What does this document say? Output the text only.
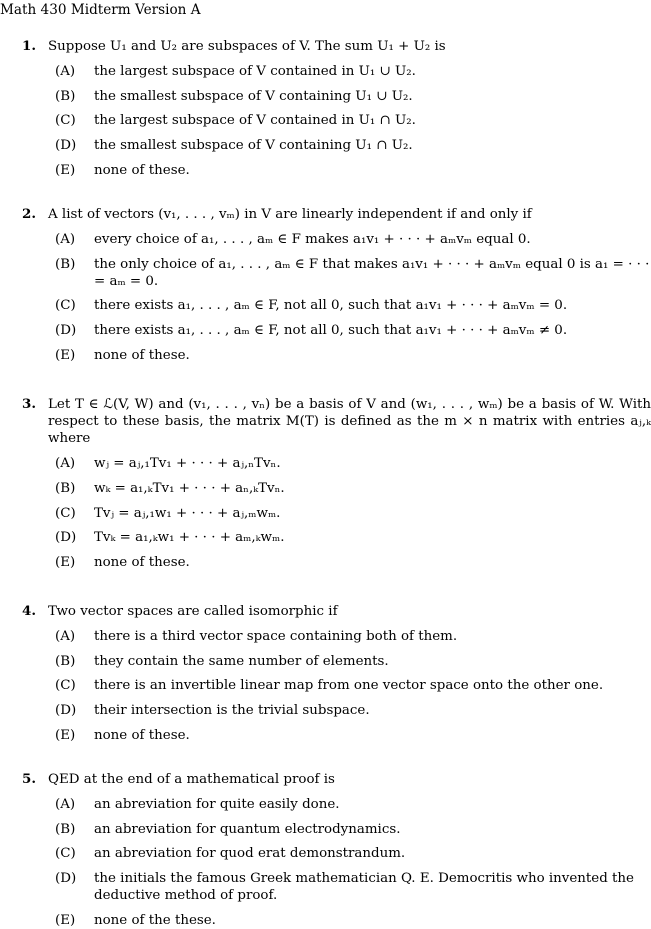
Math 430 Midterm Version A
1. Suppose U₁ and U₂ are subspaces of V. The sum U₁ + U₂ is
(A) the largest subspace of V contained in U₁ ∪ U₂.
(B) the smallest subspace of V containing U₁ ∪ U₂.
(C) the largest subspace of V contained in U₁ ∩ U₂.
(D) the smallest subspace of V containing U₁ ∩ U₂.
(E) none of these.
2. A list of vectors (v₁, . . . , vₘ) in V are linearly independent if and only if
(A) every choice of a₁, . . . , aₘ ∈ F makes a₁v₁ + · · · + aₘvₘ equal 0.
(B) the only choice of a₁, . . . , aₘ ∈ F that makes a₁v₁ + · · · + aₘvₘ equal 0 is a₁ = · · · = aₘ = 0.
(C) there exists a₁, . . . , aₘ ∈ F, not all 0, such that a₁v₁ + · · · + aₘvₘ = 0.
(D) there exists a₁, . . . , aₘ ∈ F, not all 0, such that a₁v₁ + · · · + aₘvₘ ≠ 0.
(E) none of these.
3. Let T ∈ ℒ(V, W) and (v₁, . . . , vₙ) be a basis of V and (w₁, . . . , wₘ) be a basis of W. With respect to these basis, the matrix M(T) is defined as the m × n matrix with entries aⱼ,ₖ where
(A) wⱼ = aⱼ,₁Tv₁ + · · · + aⱼ,ₙTvₙ.
(B) wₖ = a₁,ₖTv₁ + · · · + aₙ,ₖTvₙ.
(C) Tvⱼ = aⱼ,₁w₁ + · · · + aⱼ,ₘwₘ.
(D) Tvₖ = a₁,ₖw₁ + · · · + aₘ,ₖwₘ.
(E) none of these.
4. Two vector spaces are called isomorphic if
(A) there is a third vector space containing both of them.
(B) they contain the same number of elements.
(C) there is an invertible linear map from one vector space onto the other one.
(D) their intersection is the trivial subspace.
(E) none of these.
5. QED at the end of a mathematical proof is
(A) an abreviation for quite easily done.
(B) an abreviation for quantum electrodynamics.
(C) an abreviation for quod erat demonstrandum.
(D) the initials the famous Greek mathematician Q. E. Democritis who invented the deductive method of proof.
(E) none of the these.
